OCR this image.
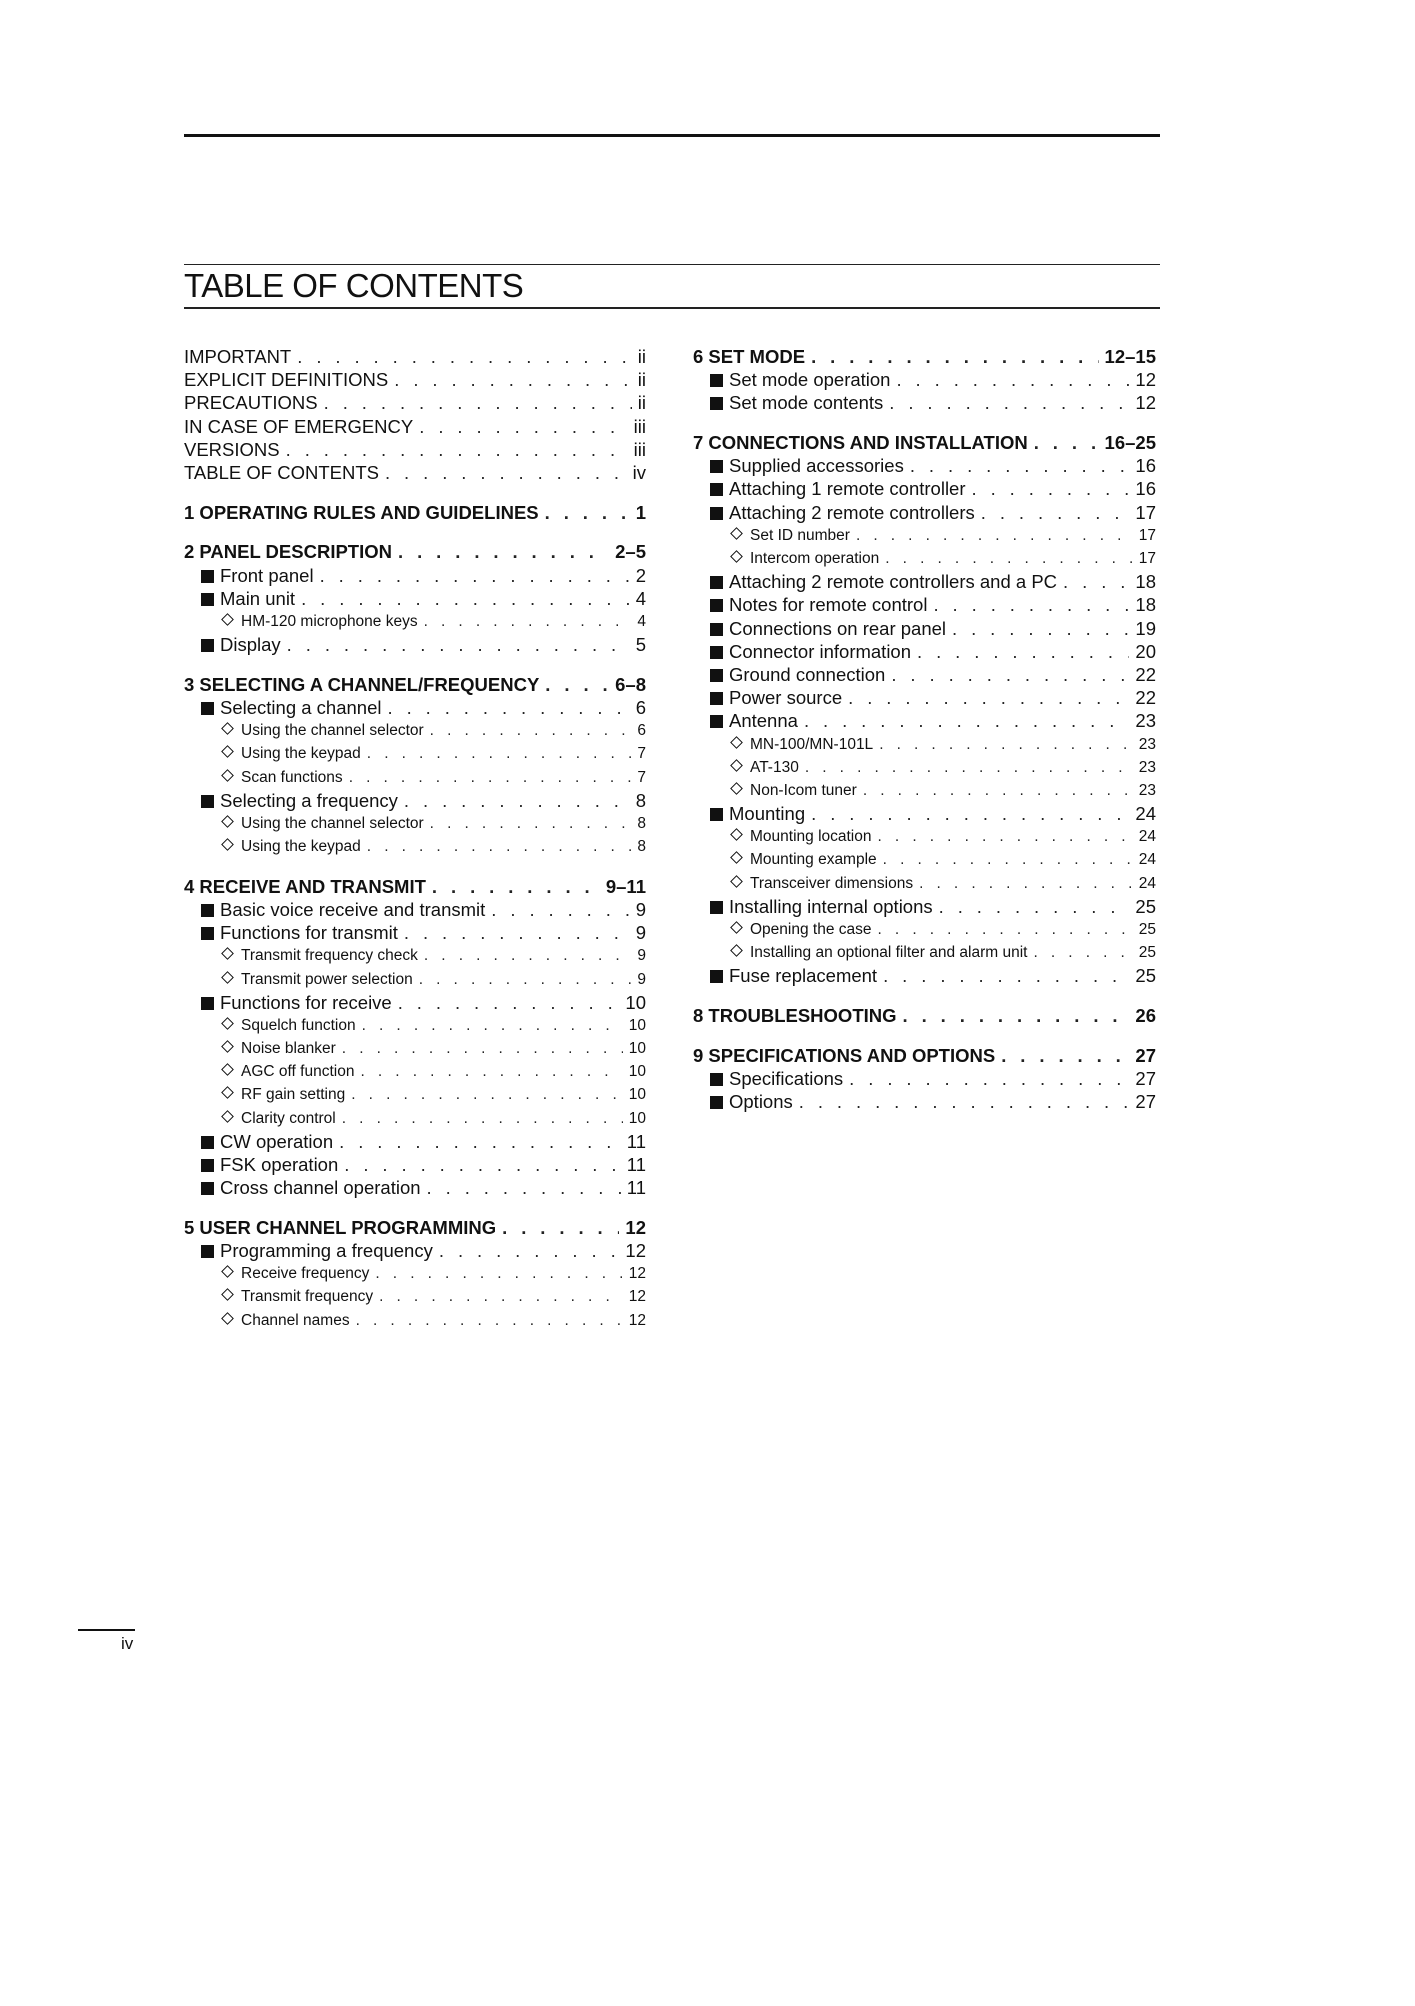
TABLE OF CONTENTS
IMPORTANT . . .	ii
EXPLICIT DEFINITIONS . . .	ii
PRECAUTIONS . . .	ii
IN CASE OF EMERGENCY . . .	iii
VERSIONS . . .	iii
TABLE OF CONTENTS . . .	iv
1 OPERATING RULES AND GUIDELINES . . .	1
2 PANEL DESCRIPTION . . .	2–5
Front panel . . .	2
Main unit . . .	4
HM-120 microphone keys . . .	4
Display . . .	5
3 SELECTING A CHANNEL/FREQUENCY . . .	6–8
Selecting a channel . . .	6
Using the channel selector . . .	6
Using the keypad . . .	7
Scan functions . . .	7
Selecting a frequency . . .	8
Using the channel selector . . .	8
Using the keypad . . .	8
4 RECEIVE AND TRANSMIT . . .	9–11
Basic voice receive and transmit . . .	9
Functions for transmit . . .	9
Transmit frequency check . . .	9
Transmit power selection . . .	9
Functions for receive . . .	10
Squelch function . . .	10
Noise blanker . . .	10
AGC off function . . .	10
RF gain setting . . .	10
Clarity control . . .	10
CW operation . . .	11
FSK operation . . .	11
Cross channel operation . . .	11
5 USER CHANNEL PROGRAMMING . . .	12
Programming a frequency . . .	12
Receive frequency . . .	12
Transmit frequency . . .	12
Channel names . . .	12
6 SET MODE . . .	12–15
Set mode operation . . .	12
Set mode contents . . .	12
7 CONNECTIONS AND INSTALLATION . . .	16–25
Supplied accessories . . .	16
Attaching 1 remote controller . . .	16
Attaching 2 remote controllers . . .	17
Set ID number . . .	17
Intercom operation . . .	17
Attaching 2 remote controllers and a PC . . .	18
Notes for remote control . . .	18
Connections on rear panel . . .	19
Connector information . . .	20
Ground connection . . .	22
Power source . . .	22
Antenna . . .	23
MN-100/MN-101L . . .	23
AT-130 . . .	23
Non-Icom tuner . . .	23
Mounting . . .	24
Mounting location . . .	24
Mounting example . . .	24
Transceiver dimensions . . .	24
Installing internal options . . .	25
Opening the case . . .	25
Installing an optional filter and alarm unit . . .	25
Fuse replacement . . .	25
8 TROUBLESHOOTING . . .	26
9 SPECIFICATIONS AND OPTIONS . . .	27
Specifications . . .	27
Options . . .	27
iv
